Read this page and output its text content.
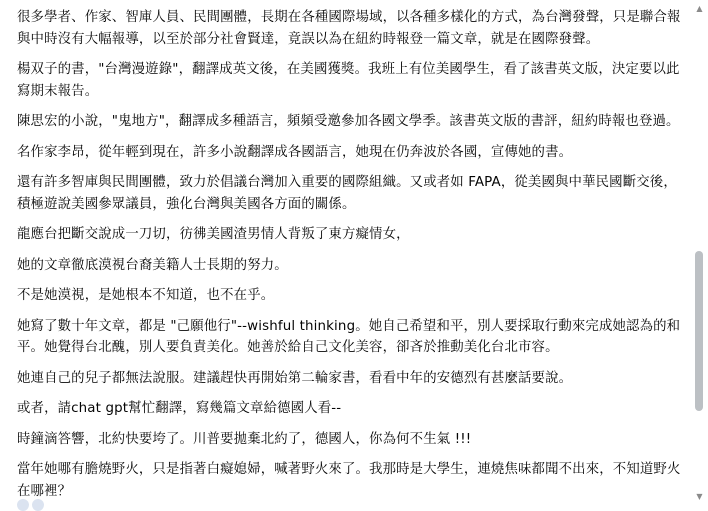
很多學者、作家、智庫人員、民間團體，長期在各種國際場域，以各種多樣化的方式，為台灣發聲，只是聯合報與中時沒有大幅報導，以至於部分社會賢達，竟誤以為在紐約時報登一篇文章，就是在國際發聲。

楊双子的書，"台灣漫遊錄"，翻譯成英文後，在美國獲獎。我班上有位美國學生，看了該書英文版，決定要以此寫期末報告。

陳思宏的小說，"鬼地方"，翻譯成多種語言，頻頻受邀參加各國文學季。該書英文版的書評，紐約時報也登過。

名作家李昂，從年輕到現在，許多小說翻譯成各國語言，她現在仍奔波於各國，宣傳她的書。

還有許多智庫與民間團體，致力於倡議台灣加入重要的國際組織。又或者如 FAPA，從美國與中華民國斷交後，積極遊說美國參眾議員，強化台灣與美國各方面的關係。

龍應台把斷交說成一刀切，彷彿美國渣男情人背叛了東方癡情女，

她的文章徹底漠視台裔美籍人士長期的努力。

不是她漠視，是她根本不知道，也不在乎。

她寫了數十年文章，都是 "己願他行"--wishful thinking。她自己希望和平，別人要採取行動來完成她認為的和平。她覺得台北醜，別人要負責美化。她善於給自己文化美容，卻吝於推動美化台北市容。

她連自己的兒子都無法說服。建議趕快再開始第二輪家書，看看中年的安德烈有甚麼話要說。

或者，請chat gpt幫忙翻譯，寫幾篇文章給德國人看--

時鐘滴答響，北約快要垮了。川普要拋棄北約了，德國人，你為何不生氣 !!!

當年她哪有膽燒野火，只是指著白癡媳婦，喊著野火來了。我那時是大學生，連燒焦味都聞不出來，不知道野火在哪裡？

▲
▼
